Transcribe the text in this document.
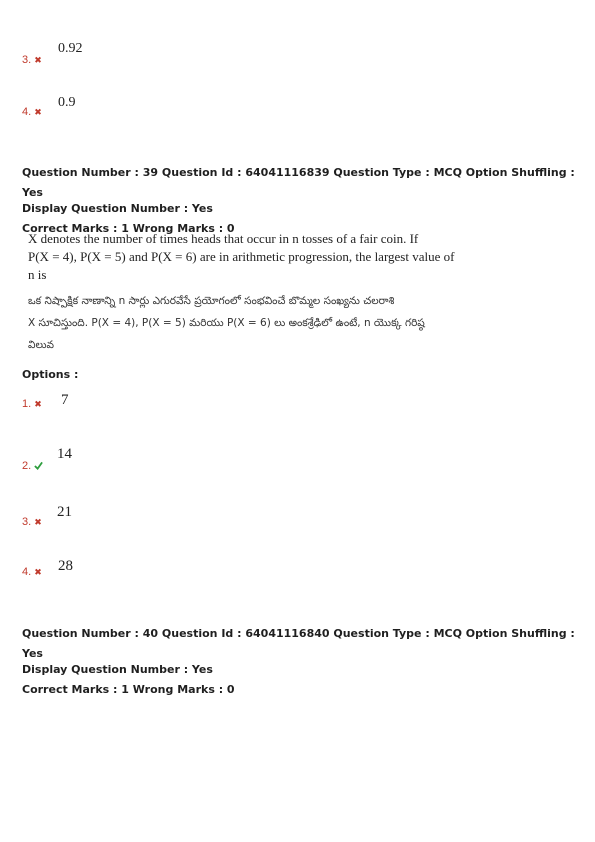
0.92
3. ✖
0.9
4. ✖
Question Number : 39 Question Id : 64041116839 Question Type : MCQ Option Shuffling : Yes
Display Question Number : Yes
Correct Marks : 1 Wrong Marks : 0
X denotes the number of times heads that occur in n tosses of a fair coin. If
P(X = 4), P(X = 5) and P(X = 6) are in arithmetic progression, the largest value of
n is
ఒక నిష్పాక్షిక నాణాన్ని n సార్లు ఎగురవేసే ప్రయోగంలో సంభవించే బొమ్మల సంఖ్యను చలరాశి
X సూచిస్తుంది. P(X = 4), P(X = 5) మరియు P(X = 6) లు అంకశ్రేఢిలో ఉంటే, n యొక్క గరిష్ఠ
విలువ
Options :
1. ✖ 7
14
2.
21
3. ✖
28
4. ✖
Question Number : 40 Question Id : 64041116840 Question Type : MCQ Option Shuffling : Yes
Display Question Number : Yes
Correct Marks : 1 Wrong Marks : 0
